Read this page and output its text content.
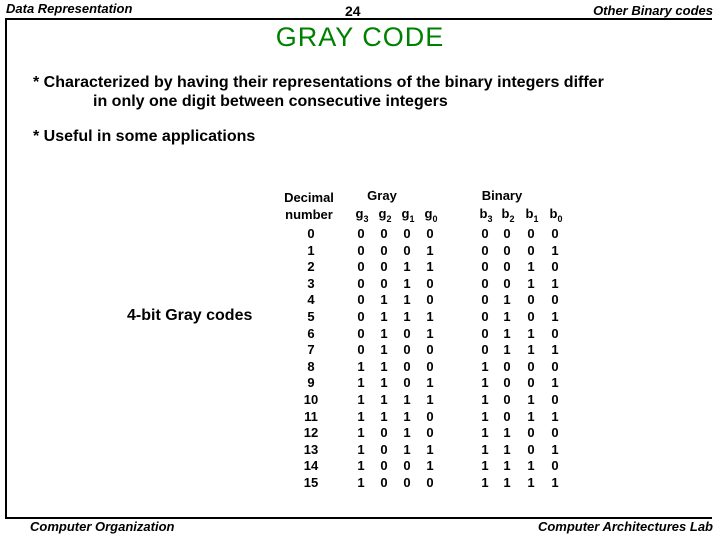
Data Representation	24	Other Binary codes
GRAY CODE
* Characterized by having their representations of the binary integers differ
in only one digit between consecutive integers
* Useful in some applications
4-bit Gray codes
Decimal
number
Gray	Binary
$g_3$ $g_2$ $g_1$ $g_0$	$b_3$ $b_2$ $b_1$ $b_0$
0	0	0	0	0	0	0	0	0
1	0	0	0	1	0	0	0	1
2	0	0	1	1	0	0	1	0
3	0	0	1	0	0	0	1	1
4	0	1	1	0	0	1	0	0
5	0	1	1	1	0	1	0	1
6	0	1	0	1	0	1	1	0
7	0	1	0	0	0	1	1	1
8	1	1	0	0	1	0	0	0
9	1	1	0	1	1	0	0	1
10	1	1	1	1	1	0	1	0
11	1	1	1	0	1	0	1	1
12	1	0	1	0	1	1	0	0
13	1	0	1	1	1	1	0	1
14	1	0	0	1	1	1	1	0
15	1	0	0	0	1	1	1	1
Computer Organization	Computer Architectures Lab
